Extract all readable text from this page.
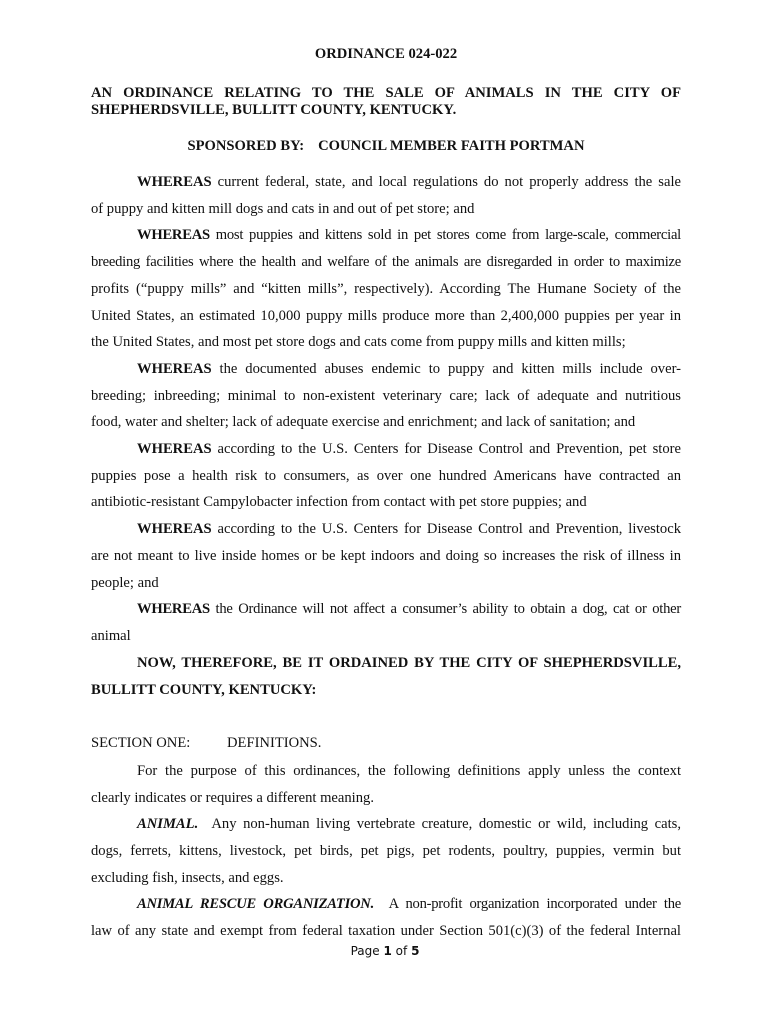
ORDINANCE 024-022
AN ORDINANCE RELATING TO THE SALE OF ANIMALS IN THE CITY OF
SHEPHERDSVILLE, BULLITT COUNTY, KENTUCKY.
SPONSORED BY: COUNCIL MEMBER FAITH PORTMAN
WHEREAS current federal, state, and local regulations do not properly address the sale
of puppy and kitten mill dogs and cats in and out of pet store; and
WHEREAS most puppies and kittens sold in pet stores come from large-scale, commercial
breeding facilities where the health and welfare of the animals are disregarded in order to maximize
profits (“puppy mills” and “kitten mills”, respectively). According The Humane Society of the
United States, an estimated 10,000 puppy mills produce more than 2,400,000 puppies per year in
the United States, and most pet store dogs and cats come from puppy mills and kitten mills;
WHEREAS the documented abuses endemic to puppy and kitten mills include over-
breeding; inbreeding; minimal to non-existent veterinary care; lack of adequate and nutritious
food, water and shelter; lack of adequate exercise and enrichment; and lack of sanitation; and
WHEREAS according to the U.S. Centers for Disease Control and Prevention, pet store
puppies pose a health risk to consumers, as over one hundred Americans have contracted an
antibiotic-resistant Campylobacter infection from contact with pet store puppies; and
WHEREAS according to the U.S. Centers for Disease Control and Prevention, livestock
are not meant to live inside homes or be kept indoors and doing so increases the risk of illness in
people; and
WHEREAS the Ordinance will not affect a consumer’s ability to obtain a dog, cat or other
animal
NOW, THEREFORE, BE IT ORDAINED BY THE CITY OF SHEPHERDSVILLE,
BULLITT COUNTY, KENTUCKY:
SECTION ONE:	DEFINITIONS.
For the purpose of this ordinances, the following definitions apply unless the context
clearly indicates or requires a different meaning.
ANIMAL. Any non-human living vertebrate creature, domestic or wild, including cats,
dogs, ferrets, kittens, livestock, pet birds, pet pigs, pet rodents, poultry, puppies, vermin but
excluding fish, insects, and eggs.
ANIMAL RESCUE ORGANIZATION. A non-profit organization incorporated under the
law of any state and exempt from federal taxation under Section 501(c)(3) of the federal Internal
Page 1 of 5
